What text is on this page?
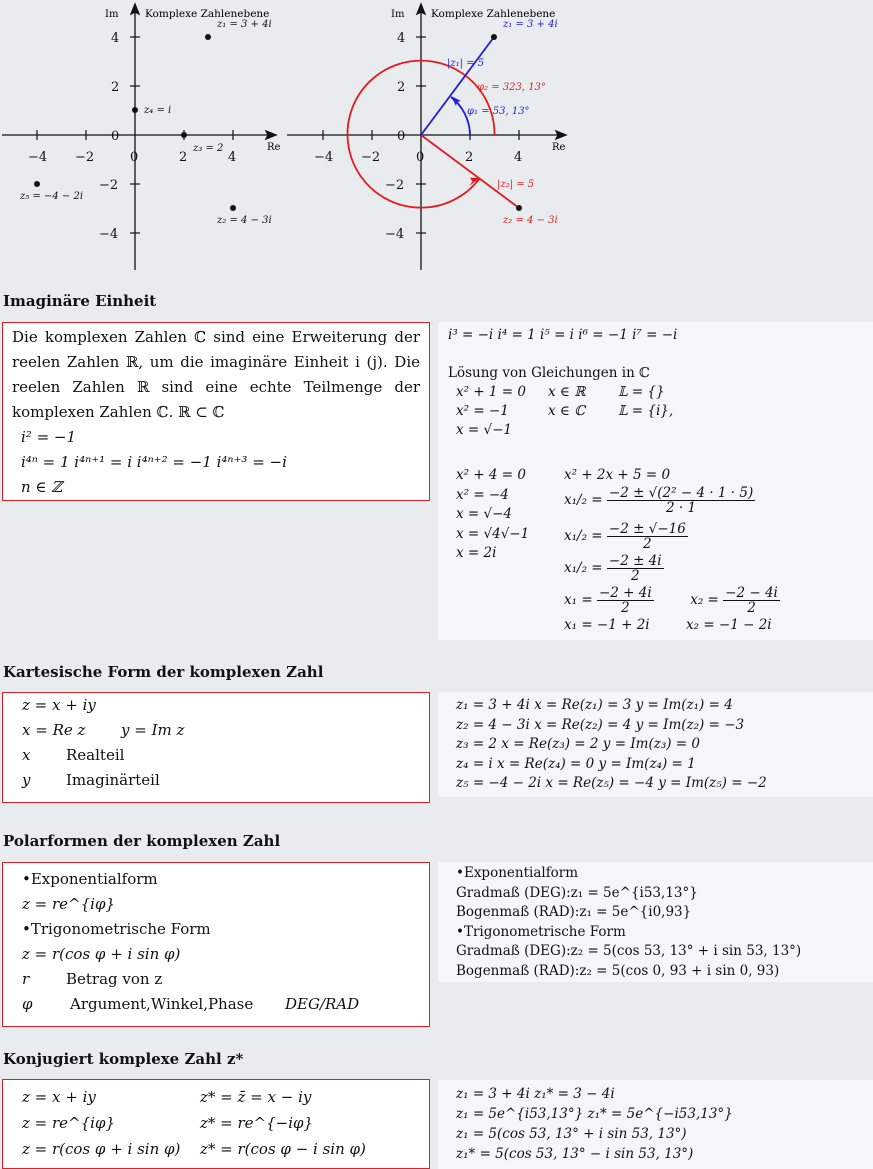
−4 −2	0	2	4
4
2
0
−2
−4
Im
Re
Komplexe Zahlenebene
z₁ = 3 + 4i
z₂ = 4 − 3i
z₃ = 2
z₄ = i
z₅ = −4 − 2i
−4 −2	0	2	4
4
2
0
−2
−4
Im
Re
Komplexe Zahlenebene
z₁ = 3 + 4i
z₂ = 4 − 3i
|z₁| = 5
|z₂| = 5
φ₁ = 53, 13°
φ₂ = 323, 13°
Imaginäre Einheit
Die komplexen Zahlen ℂ sind eine Erweiterung der reelen Zahlen ℝ, um die imaginäre Einheit i (j). Die reelen Zahlen ℝ sind eine echte Teilmenge der komplexen Zahlen ℂ. ℝ ⊂ ℂ
i² = −1
i⁴ⁿ = 1 i⁴ⁿ⁺¹ = i i⁴ⁿ⁺² = −1 i⁴ⁿ⁺³ = −i
n ∈ ℤ
i³ = −i i⁴ = 1 i⁵ = i i⁶ = −1 i⁷ = −i
Lösung von Gleichungen in ℂ
x² + 1 = 0 x ∈ ℝ 𝕃 = {}
x² = −1	x ∈ ℂ 𝕃 = {i},
x = √−1
x² + 4 = 0
x² = −4
x = √−4
x = √4√−1
x = 2i
x² + 2x + 5 = 0
$x_1/_2 = \frac{\text{−2 ± √(2² − 4 · 1 · 5)}}{2 \cdot 1}$
$x_1/_2 = \frac{-2 \pm √-16}{2}$
$x_1/_2 = \frac{-2 \pm 4i}{2}$
$x_1 = \frac{-2 + 4i}{2}$	$x_2 = \frac{-2 - 4i}{2}$
x₁ = −1 + 2i	x₂ = −1 − 2i
Kartesische Form der komplexen Zahl
z = x + iy
x = Re z y = Im z
x Realteil
y Imaginärteil
z₁ = 3 + 4i x = Re(z₁) = 3 y = Im(z₁) = 4
z₂ = 4 − 3i x = Re(z₂) = 4 y = Im(z₂) = −3
z₃ = 2 x = Re(z₃) = 2 y = Im(z₃) = 0
z₄ = i x = Re(z₄) = 0 y = Im(z₄) = 1
z₅ = −4 − 2i x = Re(z₅) = −4 y = Im(z₅) = −2
Polarformen der komplexen Zahl
•Exponentialform
z = re^{iφ}
•Trigonometrische Form
z = r(cos φ + i sin φ)
r Betrag von z
φ Argument,Winkel,Phase DEG/RAD
•Exponentialform
Gradmaß (DEG):z₁ = 5e^{i53,13°}
Bogenmaß (RAD):z₁ = 5e^{i0,93}
•Trigonometrische Form
Gradmaß (DEG):z₂ = 5(cos 53, 13° + i sin 53, 13°)
Bogenmaß (RAD):z₂ = 5(cos 0, 93 + i sin 0, 93)
Konjugiert komplexe Zahl z*
z = x + iy	z* = z̄ = x − iy
z = re^{iφ}	z* = re^{−iφ}
z = r(cos φ + i sin φ) z* = r(cos φ − i sin φ)
z₁ = 3 + 4i z₁* = 3 − 4i
z₁ = 5e^{i53,13°} z₁* = 5e^{−i53,13°}
z₁ = 5(cos 53, 13° + i sin 53, 13°)
z₁* = 5(cos 53, 13° − i sin 53, 13°)
